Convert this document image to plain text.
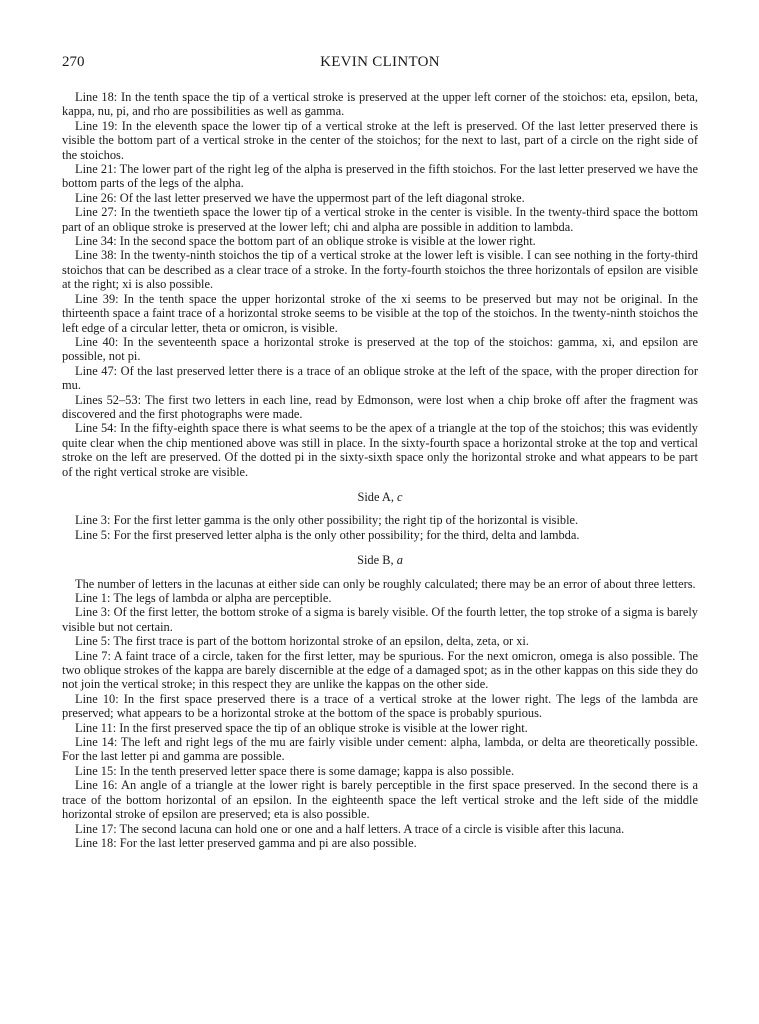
270	KEVIN CLINTON

Line 18: In the tenth space the tip of a vertical stroke is preserved at the upper left corner of the stoichos: eta, epsilon, beta, kappa, nu, pi, and rho are possibilities as well as gamma.

Line 19: In the eleventh space the lower tip of a vertical stroke at the left is preserved. Of the last letter preserved there is visible the bottom part of a vertical stroke in the center of the stoichos; for the next to last, part of a circle on the right side of the stoichos.

Line 21: The lower part of the right leg of the alpha is preserved in the fifth stoichos. For the last letter preserved we have the bottom parts of the legs of the alpha.

Line 26: Of the last letter preserved we have the uppermost part of the left diagonal stroke.

Line 27: In the twentieth space the lower tip of a vertical stroke in the center is visible. In the twenty-third space the bottom part of an oblique stroke is preserved at the lower left; chi and alpha are possible in addition to lambda.

Line 34: In the second space the bottom part of an oblique stroke is visible at the lower right.

Line 38: In the twenty-ninth stoichos the tip of a vertical stroke at the lower left is visible. I can see nothing in the forty-third stoichos that can be described as a clear trace of a stroke. In the forty-fourth stoichos the three horizontals of epsilon are visible at the right; xi is also possible.

Line 39: In the tenth space the upper horizontal stroke of the xi seems to be preserved but may not be original. In the thirteenth space a faint trace of a horizontal stroke seems to be visible at the top of the stoichos. In the twenty-ninth stoichos the left edge of a circular letter, theta or omicron, is visible.

Line 40: In the seventeenth space a horizontal stroke is preserved at the top of the stoichos: gamma, xi, and epsilon are possible, not pi.

Line 47: Of the last preserved letter there is a trace of an oblique stroke at the left of the space, with the proper direction for mu.

Lines 52–53: The first two letters in each line, read by Edmonson, were lost when a chip broke off after the fragment was discovered and the first photographs were made.

Line 54: In the fifty-eighth space there is what seems to be the apex of a triangle at the top of the stoichos; this was evidently quite clear when the chip mentioned above was still in place. In the sixty-fourth space a horizontal stroke at the top and vertical stroke on the left are preserved. Of the dotted pi in the sixty-sixth space only the horizontal stroke and what appears to be part of the right vertical stroke are visible.

Side A, c

Line 3: For the first letter gamma is the only other possibility; the right tip of the horizontal is visible.

Line 5: For the first preserved letter alpha is the only other possibility; for the third, delta and lambda.

Side B, a

The number of letters in the lacunas at either side can only be roughly calculated; there may be an error of about three letters.

Line 1: The legs of lambda or alpha are perceptible.

Line 3: Of the first letter, the bottom stroke of a sigma is barely visible. Of the fourth letter, the top stroke of a sigma is barely visible but not certain.

Line 5: The first trace is part of the bottom horizontal stroke of an epsilon, delta, zeta, or xi.

Line 7: A faint trace of a circle, taken for the first letter, may be spurious. For the next omicron, omega is also possible. The two oblique strokes of the kappa are barely discernible at the edge of a damaged spot; as in the other kappas on this side they do not join the vertical stroke; in this respect they are unlike the kappas on the other side.

Line 10: In the first space preserved there is a trace of a vertical stroke at the lower right. The legs of the lambda are preserved; what appears to be a horizontal stroke at the bottom of the space is probably spurious.

Line 11: In the first preserved space the tip of an oblique stroke is visible at the lower right.

Line 14: The left and right legs of the mu are fairly visible under cement: alpha, lambda, or delta are theoretically possible. For the last letter pi and gamma are possible.

Line 15: In the tenth preserved letter space there is some damage; kappa is also possible.

Line 16: An angle of a triangle at the lower right is barely perceptible in the first space preserved. In the second there is a trace of the bottom horizontal of an epsilon. In the eighteenth space the left vertical stroke and the left side of the middle horizontal stroke of epsilon are preserved; eta is also possible.

Line 17: The second lacuna can hold one or one and a half letters. A trace of a circle is visible after this lacuna.

Line 18: For the last letter preserved gamma and pi are also possible.
